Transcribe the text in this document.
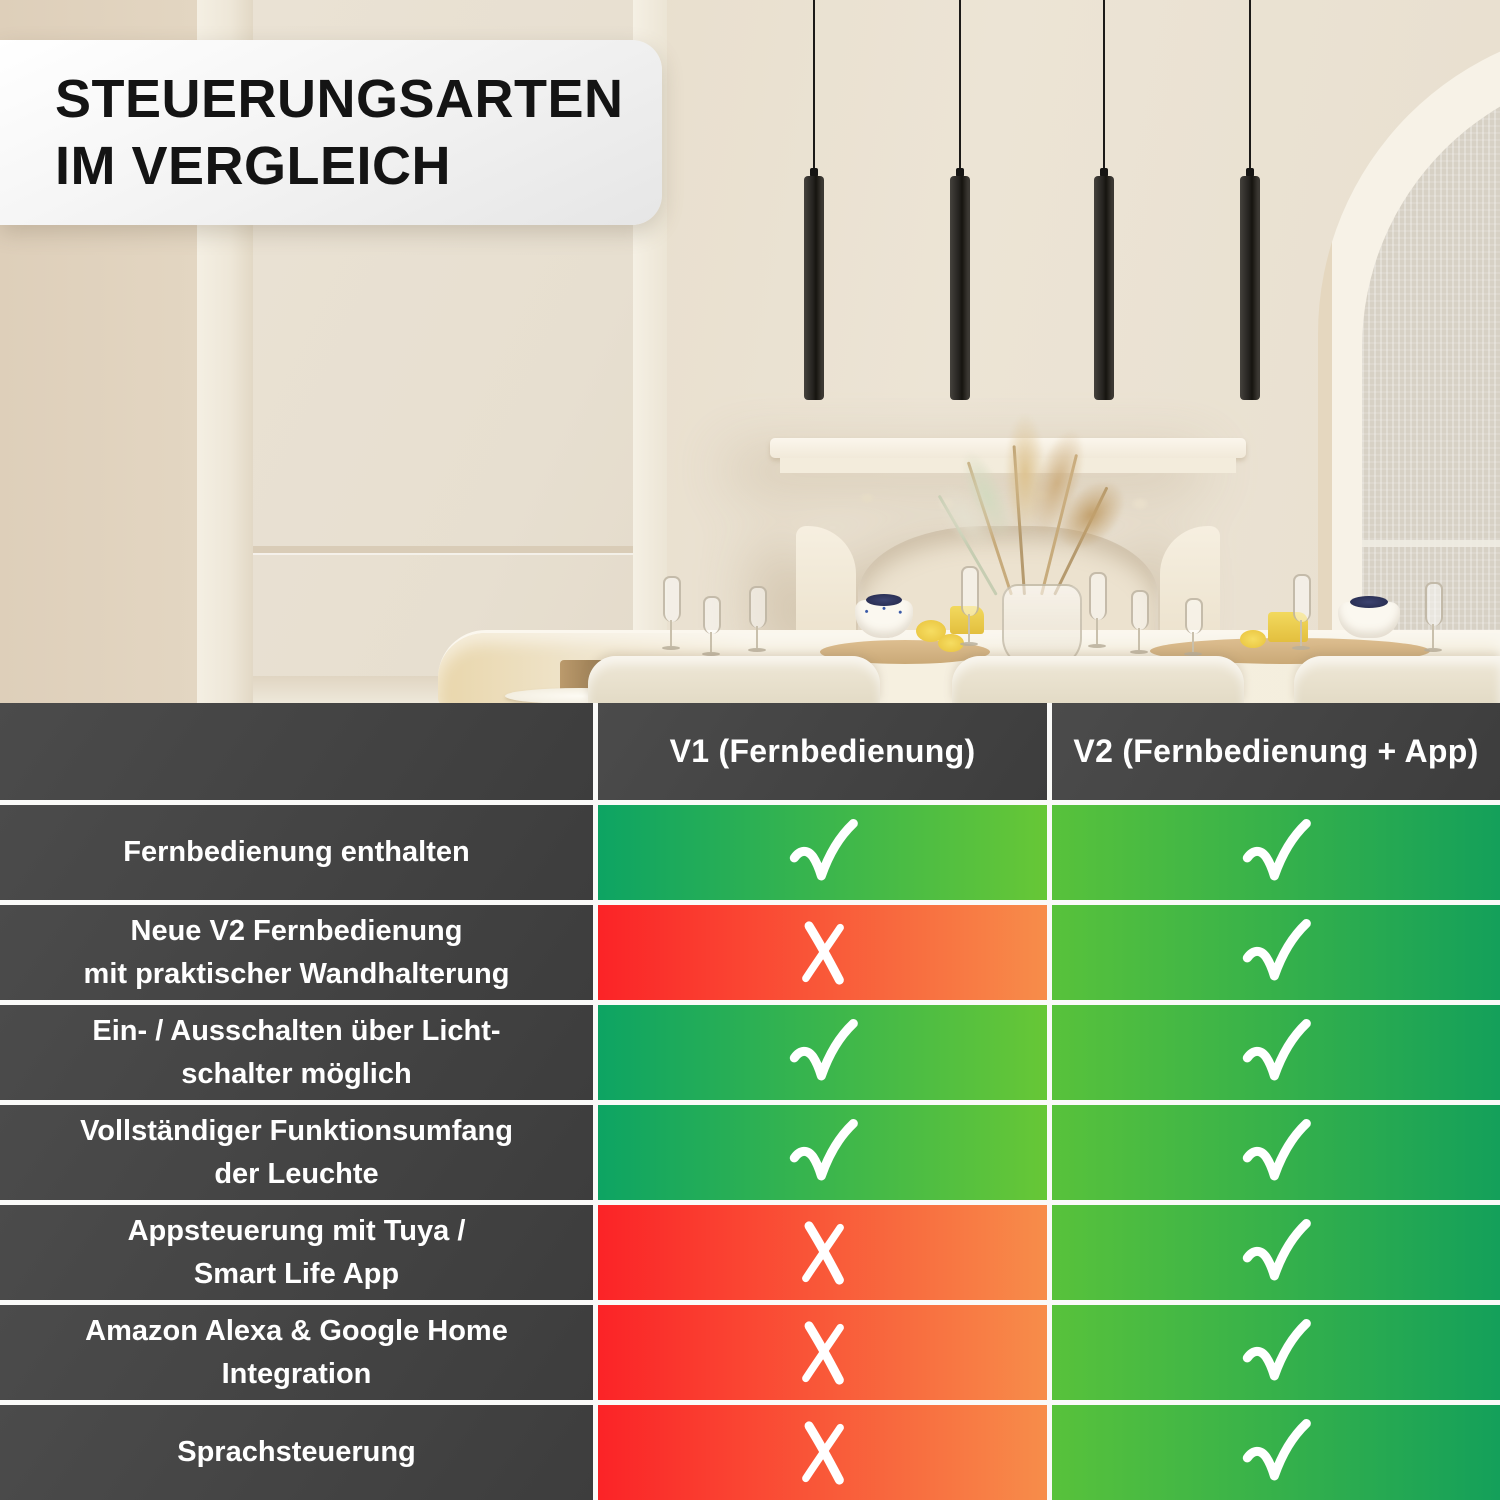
STEUERUNGSARTEN
IM VERGLEICH
V1 (Fernbedienung)	V2 (Fernbedienung + App)
Fernbedienung enthalten
Neue V2 Fernbedienung
mit praktischer Wandhalterung
Ein- / Ausschalten über Licht-
schalter möglich
Vollständiger Funktionsumfang
der Leuchte
Appsteuerung mit Tuya /
Smart Life App
Amazon Alexa & Google Home
Integration
Sprachsteuerung
